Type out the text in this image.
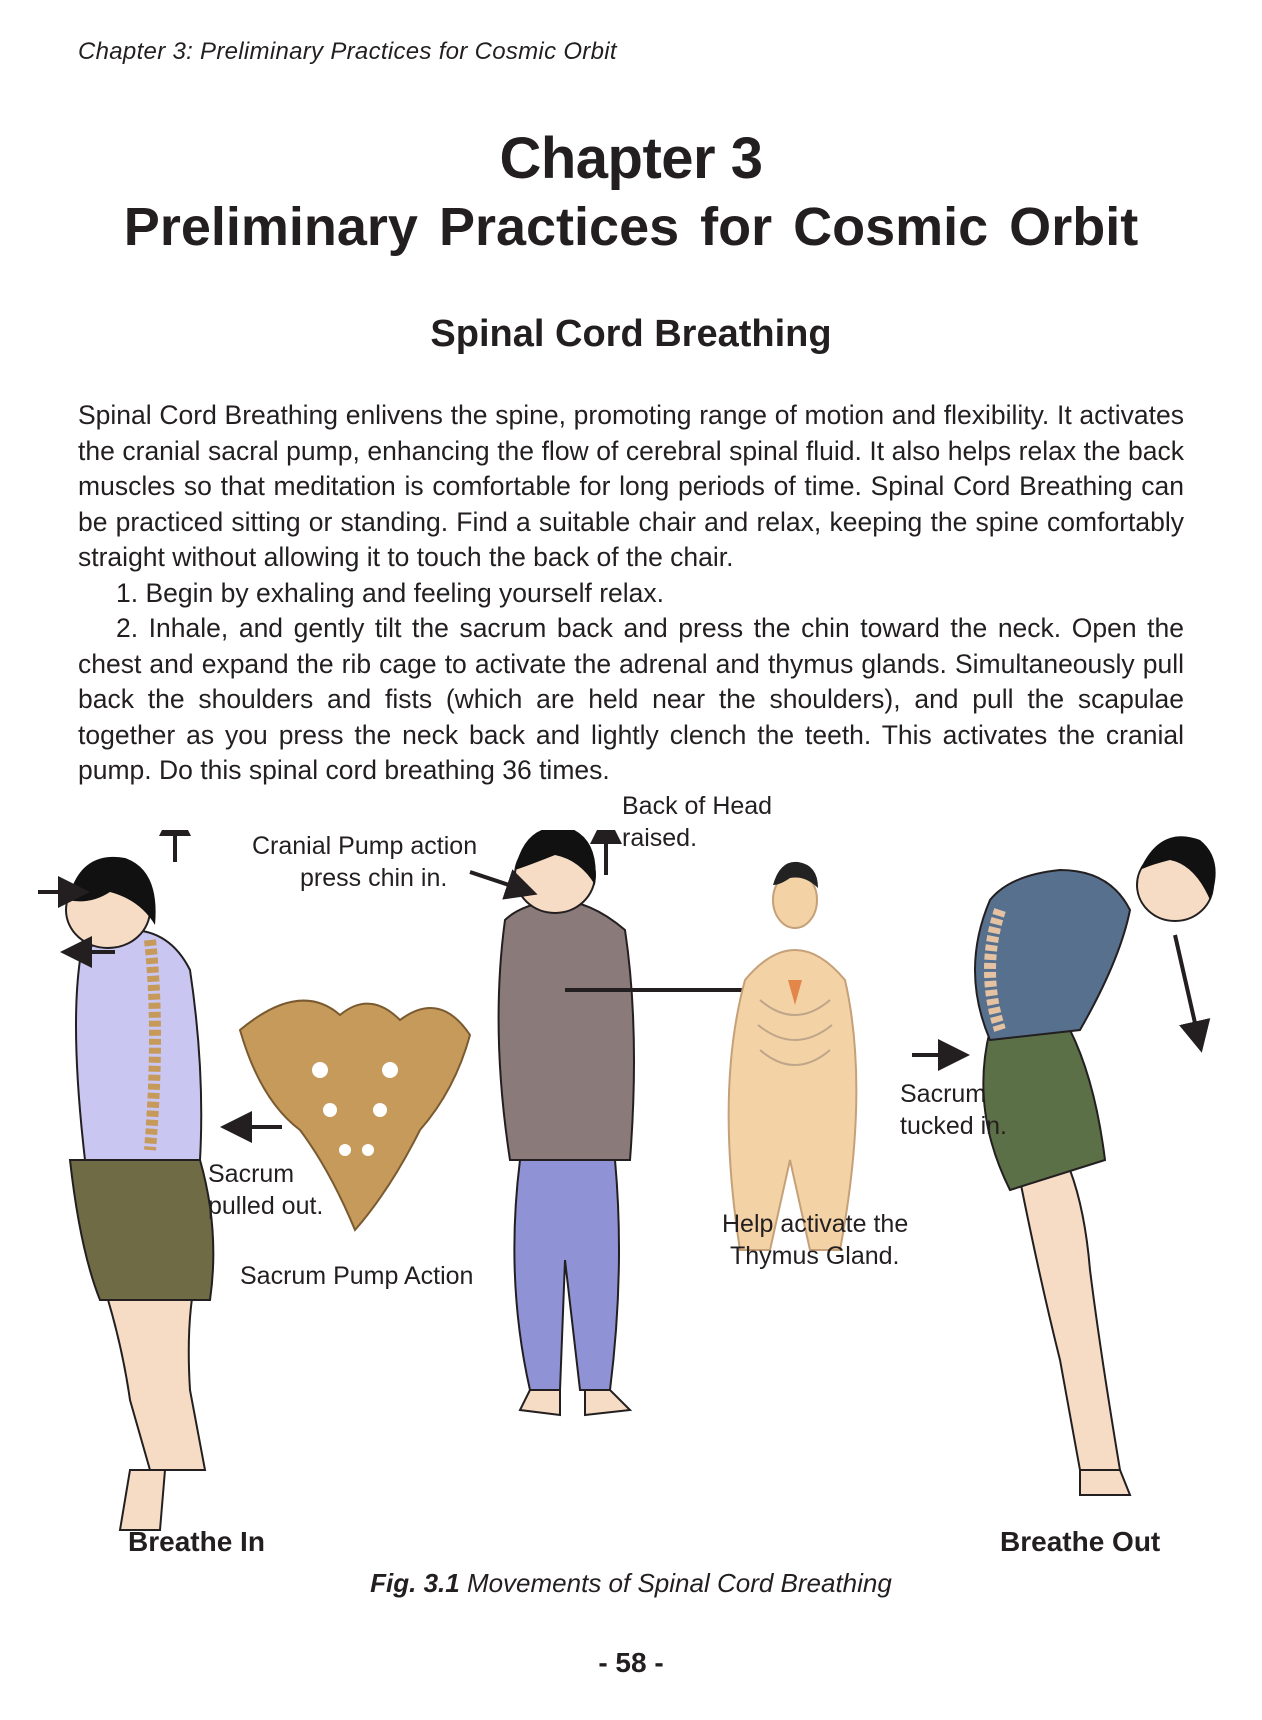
Chapter 3: Preliminary Practices for Cosmic Orbit
Chapter 3
Preliminary Practices for Cosmic Orbit
Spinal Cord Breathing

Spinal Cord Breathing enlivens the spine, promoting range of motion and flexibility. It activates the cranial sacral pump, enhancing the flow of cerebral spinal fluid. It also helps relax the back muscles so that meditation is comfortable for long periods of time. Spinal Cord Breathing can be practiced sitting or standing. Find a suitable chair and relax, keeping the spine comfortably straight without allowing it to touch the back of the chair.

1. Begin by exhaling and feeling yourself relax.

2. Inhale, and gently tilt the sacrum back and press the chin toward the neck. Open the chest and expand the rib cage to activate the adrenal and thymus glands. Simultaneously pull back the shoulders and fists (which are held near the shoulders), and pull the scapulae together as you press the neck back and lightly clench the teeth. This activates the cranial pump. Do this spinal cord breathing 36 times.

Cranial Pump action
press chin in.
Back of Head
raised.
Sacrum
pulled out.
Sacrum Pump Action
Help activate the
Thymus Gland.
Sacrum
tucked in.
Breathe In	Breathe Out
Fig. 3.1 Movements of Spinal Cord Breathing
- 58 -
